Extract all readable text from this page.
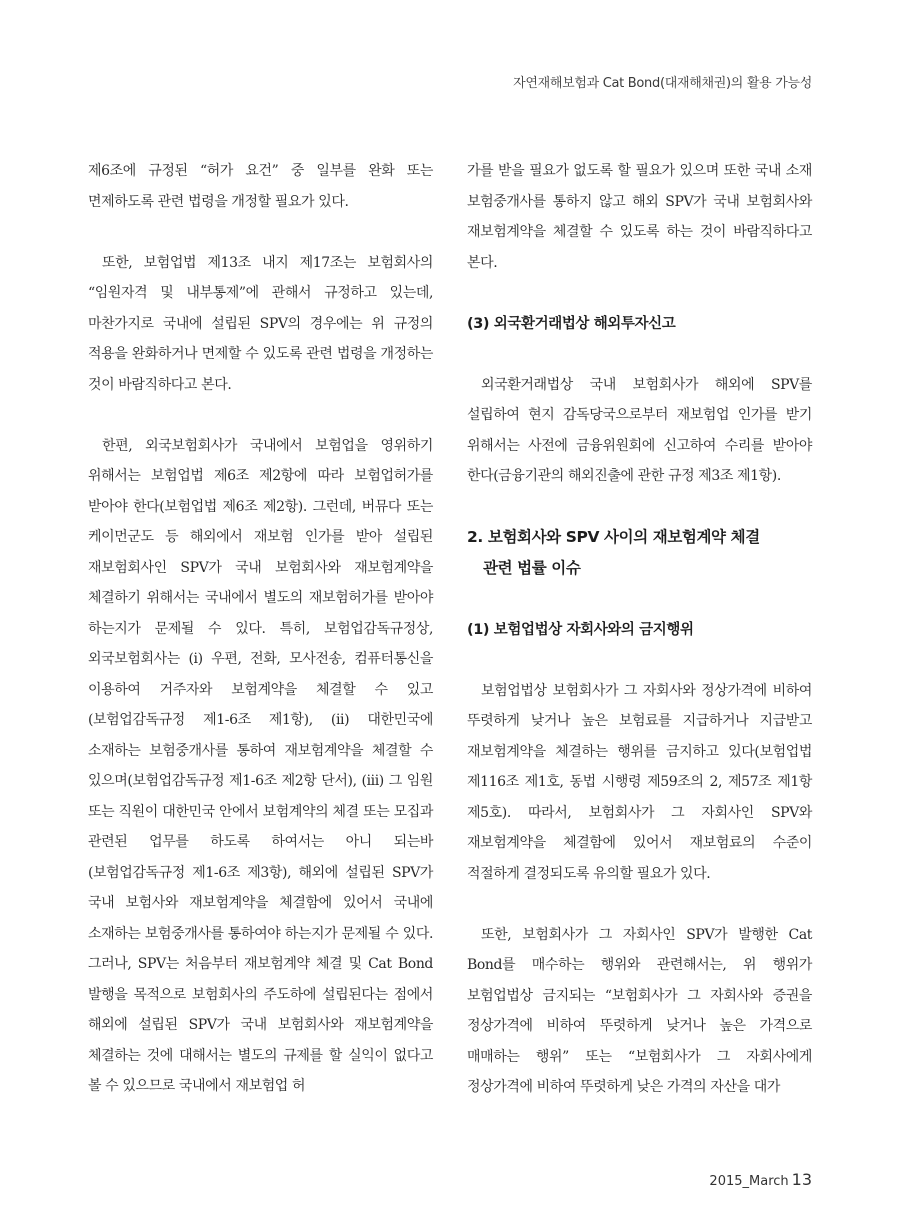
자연재해보험과 Cat Bond(대재해채권)의 활용 가능성

제6조에 규정된 “허가 요건” 중 일부를 완화 또는 면제하도록 관련 법령을 개정할 필요가 있다.

또한, 보험업법 제13조 내지 제17조는 보험회사의 “임원자격 및 내부통제”에 관해서 규정하고 있는데, 마찬가지로 국내에 설립된 SPV의 경우에는 위 규정의 적용을 완화하거나 면제할 수 있도록 관련 법령을 개정하는 것이 바람직하다고 본다.

한편, 외국보험회사가 국내에서 보험업을 영위하기 위해서는 보험업법 제6조 제2항에 따라 보험업허가를 받아야 한다(보험업법 제6조 제2항). 그런데, 버뮤다 또는 케이먼군도 등 해외에서 재보험 인가를 받아 설립된 재보험회사인 SPV가 국내 보험회사와 재보험계약을 체결하기 위해서는 국내에서 별도의 재보험허가를 받아야 하는지가 문제될 수 있다. 특히, 보험업감독규정상, 외국보험회사는 (i) 우편, 전화, 모사전송, 컴퓨터통신을 이용하여 거주자와 보험계약을 체결할 수 있고(보험업감독규정 제1-6조 제1항), (ii) 대한민국에 소재하는 보험중개사를 통하여 재보험계약을 체결할 수 있으며(보험업감독규정 제1-6조 제2항 단서), (iii) 그 임원 또는 직원이 대한민국 안에서 보험계약의 체결 또는 모집과 관련된 업무를 하도록 하여서는 아니 되는바(보험업감독규정 제1-6조 제3항), 해외에 설립된 SPV가 국내 보험사와 재보험계약을 체결함에 있어서 국내에 소재하는 보험중개사를 통하여야 하는지가 문제될 수 있다. 그러나, SPV는 처음부터 재보험계약 체결 및 Cat Bond 발행을 목적으로 보험회사의 주도하에 설립된다는 점에서 해외에 설립된 SPV가 국내 보험회사와 재보험계약을 체결하는 것에 대해서는 별도의 규제를 할 실익이 없다고 볼 수 있으므로 국내에서 재보험업 허

가를 받을 필요가 없도록 할 필요가 있으며 또한 국내 소재 보험중개사를 통하지 않고 해외 SPV가 국내 보험회사와 재보험계약을 체결할 수 있도록 하는 것이 바람직하다고 본다.

(3) 외국환거래법상 해외투자신고

외국환거래법상 국내 보험회사가 해외에 SPV를 설립하여 현지 감독당국으로부터 재보험업 인가를 받기 위해서는 사전에 금융위원회에 신고하여 수리를 받아야 한다(금융기관의 해외진출에 관한 규정 제3조 제1항).

2. 보험회사와 SPV 사이의 재보험계약 체결
관련 법률 이슈
(1) 보험업법상 자회사와의 금지행위

보험업법상 보험회사가 그 자회사와 정상가격에 비하여 뚜렷하게 낮거나 높은 보험료를 지급하거나 지급받고 재보험계약을 체결하는 행위를 금지하고 있다(보험업법 제116조 제1호, 동법 시행령 제59조의 2, 제57조 제1항 제5호). 따라서, 보험회사가 그 자회사인 SPV와 재보험계약을 체결함에 있어서 재보험료의 수준이 적절하게 결정되도록 유의할 필요가 있다.

또한, 보험회사가 그 자회사인 SPV가 발행한 Cat Bond를 매수하는 행위와 관련해서는, 위 행위가 보험업법상 금지되는 “보험회사가 그 자회사와 증권을 정상가격에 비하여 뚜렷하게 낮거나 높은 가격으로 매매하는 행위” 또는 “보험회사가 그 자회사에게 정상가격에 비하여 뚜렷하게 낮은 가격의 자산을 대가

2015_March 13
